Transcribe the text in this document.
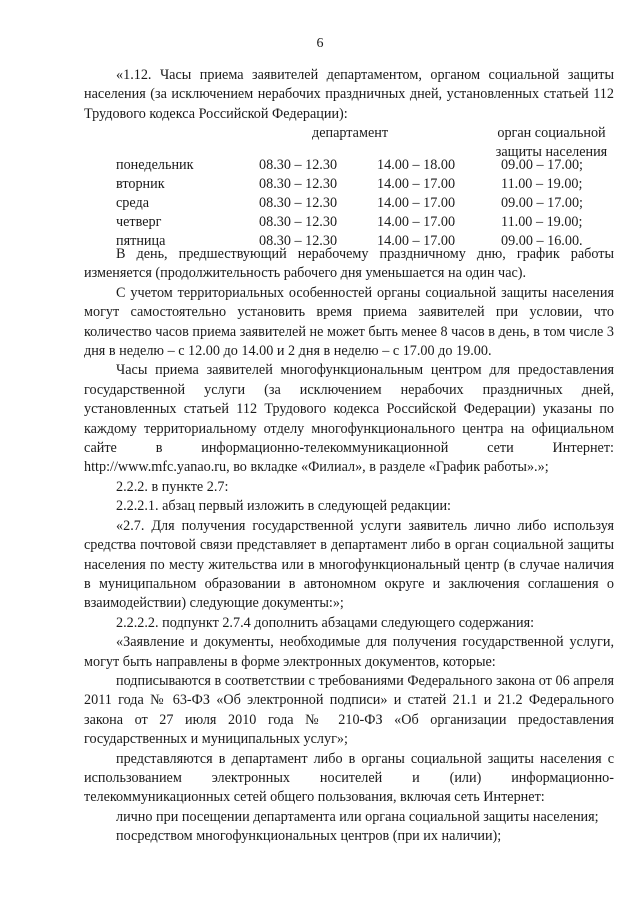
6

«1.12. Часы приема заявителей департаментом, органом социальной защиты населения (за исключением нерабочих праздничных дней, установленных статьей 112 Трудового кодекса Российской Федерации):

департамент	орган социальной
защиты населения
понедельник	08.30 – 12.30	14.00 – 18.00	09.00 – 17.00;
вторник	08.30 – 12.30	14.00 – 17.00	11.00 – 19.00;
среда	08.30 – 12.30	14.00 – 17.00	09.00 – 17.00;
четверг	08.30 – 12.30	14.00 – 17.00	11.00 – 19.00;
пятница	08.30 – 12.30	14.00 – 17.00	09.00 – 16.00.

В день, предшествующий нерабочему праздничному дню, график работы изменяется (продолжительность рабочего дня уменьшается на один час).

С учетом территориальных особенностей органы социальной защиты населения могут самостоятельно установить время приема заявителей при условии, что количество часов приема заявителей не может быть менее 8 часов в день, в том числе 3 дня в неделю – с 12.00 до 14.00 и 2 дня в неделю – с 17.00 до 19.00.

Часы приема заявителей многофункциональным центром для предоставления государственной услуги (за исключением нерабочих праздничных дней, установленных статьей 112 Трудового кодекса Российской Федерации) указаны по каждому территориальному отделу многофункционального центра на официальном сайте в информационно-телекоммуникационной сети Интернет: http://www.mfc.yanao.ru, во вкладке «Филиал», в разделе «График работы».»;

2.2.2. в пункте 2.7:

2.2.2.1. абзац первый изложить в следующей редакции:

«2.7. Для получения государственной услуги заявитель лично либо используя средства почтовой связи представляет в департамент либо в орган социальной защиты населения по месту жительства или в многофункциональный центр (в случае наличия в муниципальном образовании в автономном округе и заключения соглашения о взаимодействии) следующие документы:»;

2.2.2.2. подпункт 2.7.4 дополнить абзацами следующего содержания:

«Заявление и документы, необходимые для получения государственной услуги, могут быть направлены в форме электронных документов, которые:

подписываются в соответствии с требованиями Федерального закона от 06 апреля 2011 года № 63-ФЗ «Об электронной подписи» и статей 21.1 и 21.2 Федерального закона от 27 июля 2010 года № 210-ФЗ «Об организации предоставления государственных и муниципальных услуг»;

представляются в департамент либо в органы социальной защиты населения с использованием электронных носителей и (или) информационно-телекоммуникационных сетей общего пользования, включая сеть Интернет:

лично при посещении департамента или органа социальной защиты населения;

посредством многофункциональных центров (при их наличии);
